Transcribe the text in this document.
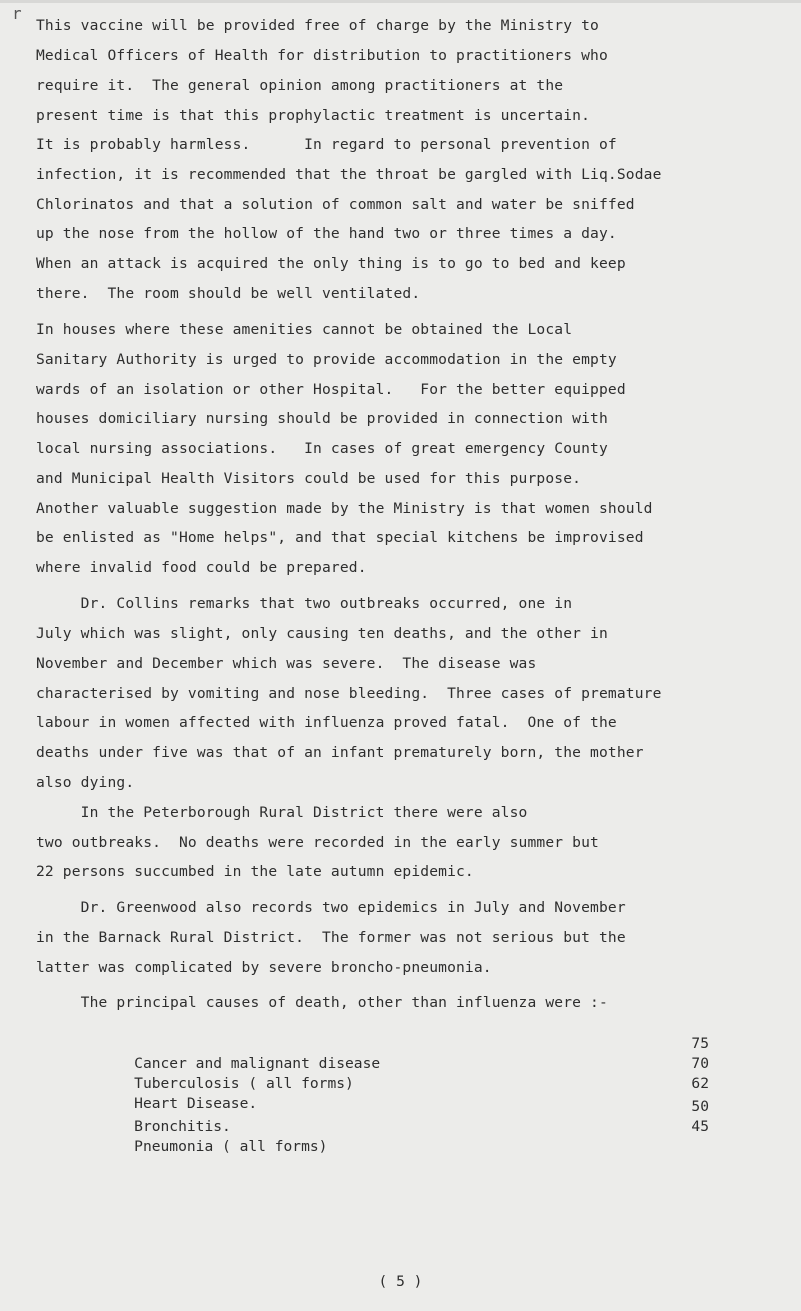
r
This vaccine will be provided free of charge by the Ministry to
Medical Officers of Health for distribution to practitioners who
require it.  The general opinion among practitioners at the
present time is that this prophylactic treatment is uncertain.
It is probably harmless.      In regard to personal prevention of
infection, it is recommended that the throat be gargled with Liq.Sodae
Chlorinatos and that a solution of common salt and water be sniffed
up the nose from the hollow of the hand two or three times a day.
When an attack is acquired the only thing is to go to bed and keep
there.  The room should be well ventilated.
In houses where these amenities cannot be obtained the Local
Sanitary Authority is urged to provide accommodation in the empty
wards of an isolation or other Hospital.   For the better equipped
houses domiciliary nursing should be provided in connection with
local nursing associations.   In cases of great emergency County
and Municipal Health Visitors could be used for this purpose.
Another valuable suggestion made by the Ministry is that women should
be enlisted as "Home helps", and that special kitchens be improvised
where invalid food could be prepared.
Dr. Collins remarks that two outbreaks occurred, one in
July which was slight, only causing ten deaths, and the other in
November and December which was severe.  The disease was
characterised by vomiting and nose bleeding.  Three cases of premature
labour in women affected with influenza proved fatal.  One of the
deaths under five was that of an infant prematurely born, the mother
also dying.
In the Peterborough Rural District there were also
two outbreaks.  No deaths were recorded in the early summer but
22 persons succumbed in the late autumn epidemic.
Dr. Greenwood also records two epidemics in July and November
in the Barnack Rural District.  The former was not serious but the
latter was complicated by severe broncho-pneumonia.
The principal causes of death, other than influenza were :-

Cancer and malignant disease

75

Tuberculosis ( all forms)

70

Heart Disease.

62

Bronchitis.

50

Pneumonia ( all forms)

45

( 5 )
